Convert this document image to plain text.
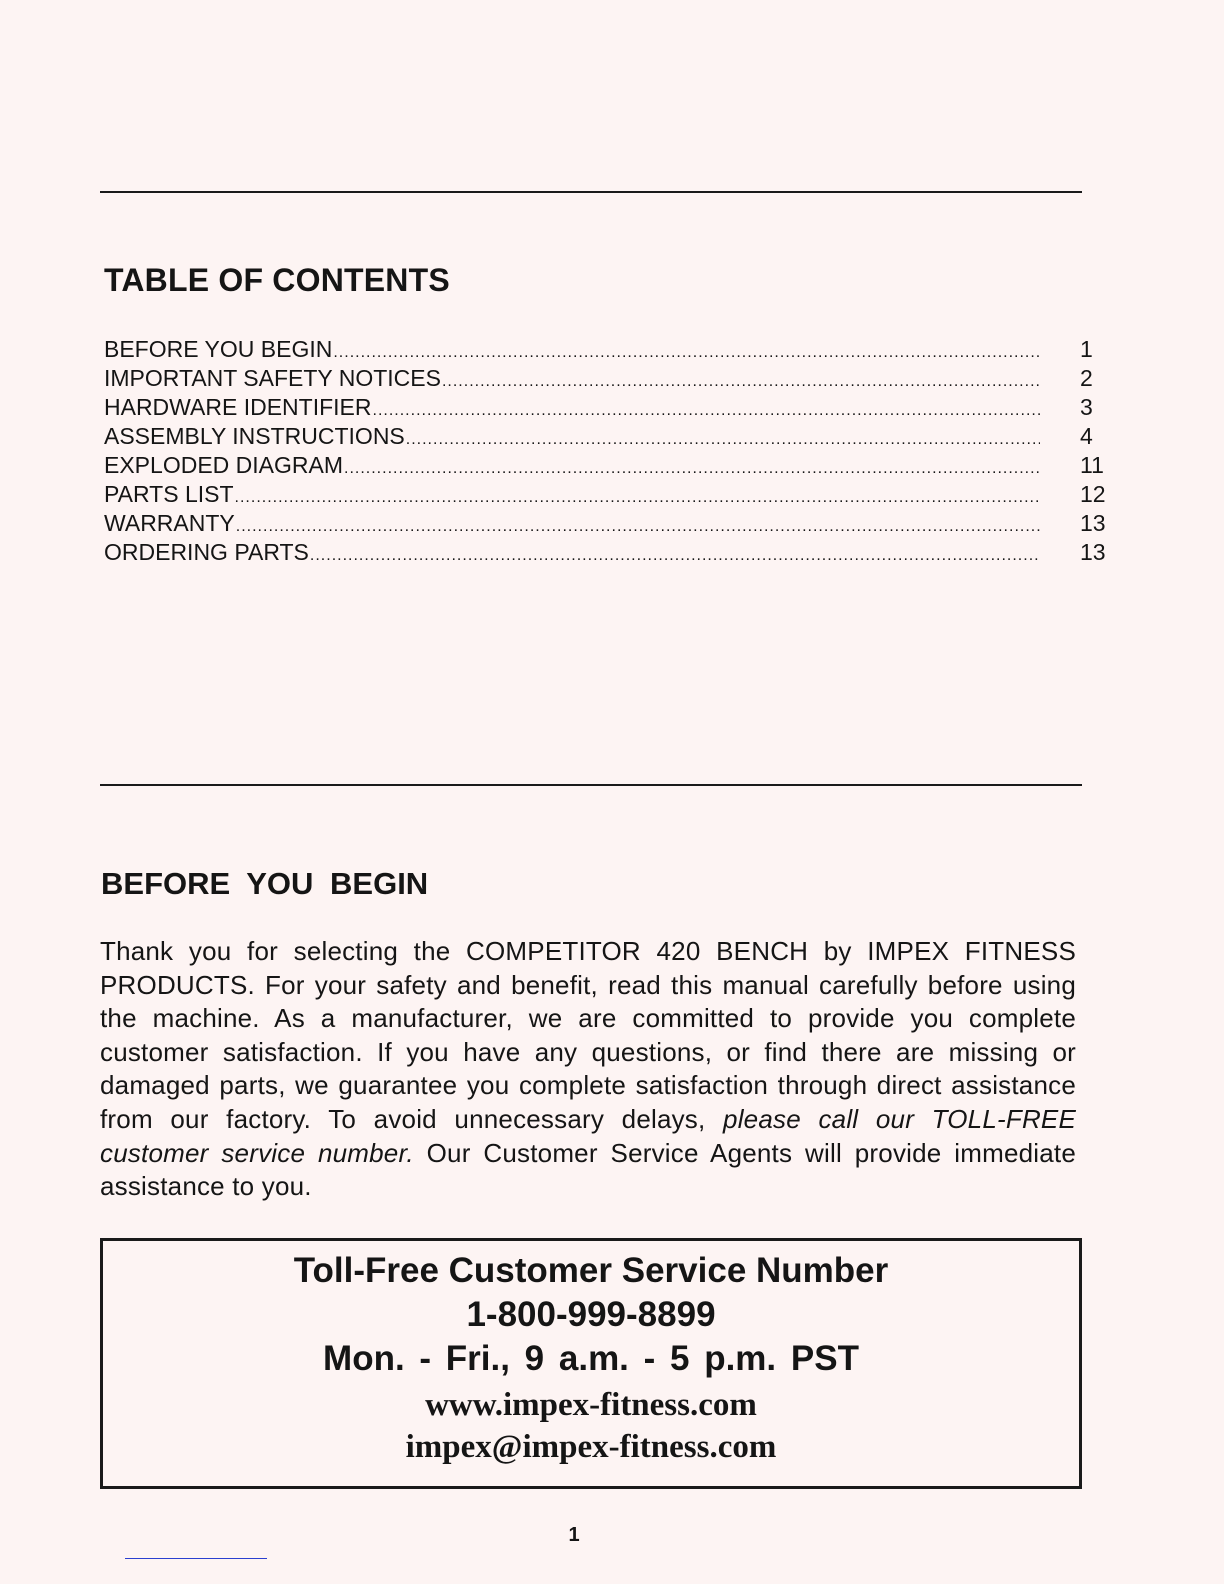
TABLE OF CONTENTS
BEFORE YOU BEGIN .....	1
IMPORTANT SAFETY NOTICES .....	2
HARDWARE IDENTIFIER .....	3
ASSEMBLY INSTRUCTIONS .....	4
EXPLODED DIAGRAM .....	11
PARTS LIST .....	12
WARRANTY .....	13
ORDERING PARTS .....	13
BEFORE YOU BEGIN

Thank you for selecting the COMPETITOR 420 BENCH by IMPEX FITNESS PRODUCTS. For your safety and benefit, read this manual carefully before using the machine. As a manufacturer, we are committed to provide you complete customer satisfaction. If you have any questions, or find there are missing or damaged parts, we guarantee you complete satisfaction through direct assistance from our factory. To avoid unnecessary delays, please call our TOLL-FREE customer service number. Our Customer Service Agents will provide immediate assistance to you.

Toll-Free Customer Service Number
1-800-999-8899
Mon. - Fri., 9 a.m. - 5 p.m. PST
www.impex-fitness.com
impex@impex-fitness.com
1
